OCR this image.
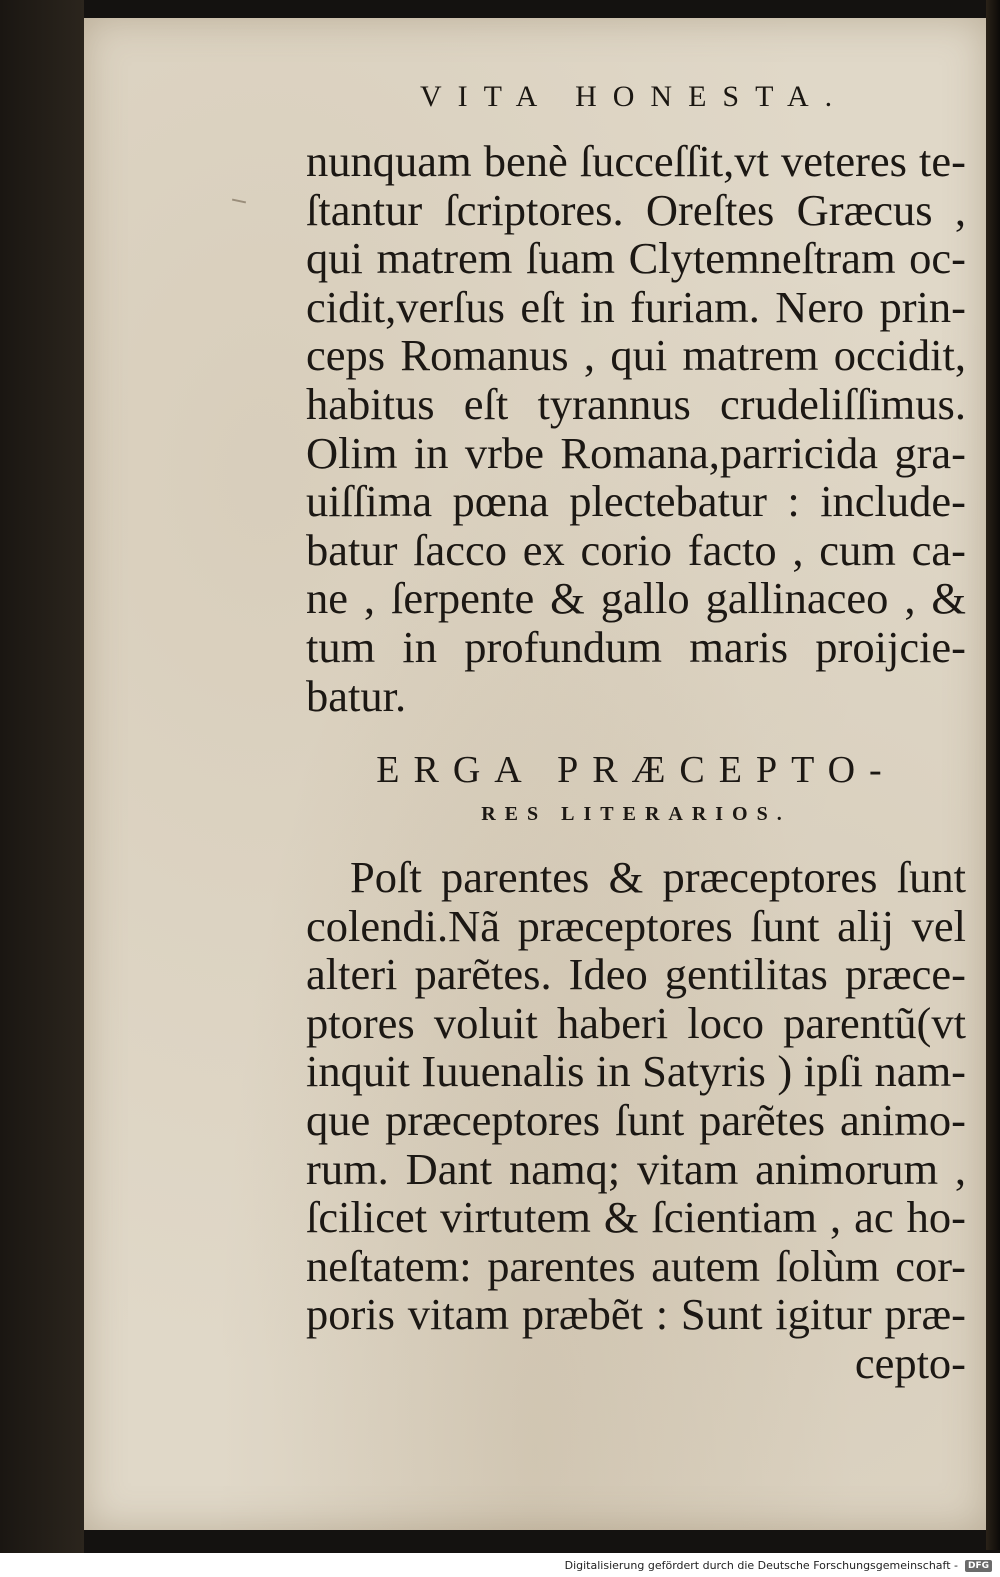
VITA HONESTA.
nunquam benè ſucceſſit,vt veteres te-
ſtantur ſcriptores. Oreſtes Græcus ,
qui matrem ſuam Clytemneſtram oc-
cidit,verſus eſt in furiam. Nero prin-
ceps Romanus , qui matrem occidit,
habitus eſt tyrannus crudeliſſimus.
Olim in vrbe Romana,parricida gra-
uiſſima pœna plectebatur : include-
batur ſacco ex corio facto , cum ca-
ne , ſerpente & gallo gallinaceo , &
tum in profundum maris proijcie-
batur.
ERGA PRÆCEPTO-
RES LITERARIOS.
Poſt parentes & præceptores ſunt
colendi.Nã præceptores ſunt alij vel
alteri parẽtes. Ideo gentilitas præce-
ptores voluit haberi loco parentũ(vt
inquit Iuuenalis in Satyris ) ipſi nam-
que præceptores ſunt parẽtes animo-
rum. Dant namq; vitam animorum ,
ſcilicet virtutem & ſcientiam , ac ho-
neſtatem: parentes autem ſolùm cor-
poris vitam præbẽt : Sunt igitur præ-
cepto-
Digitalisierung gefördert durch die Deutsche Forschungsgemeinschaft -	DFG
